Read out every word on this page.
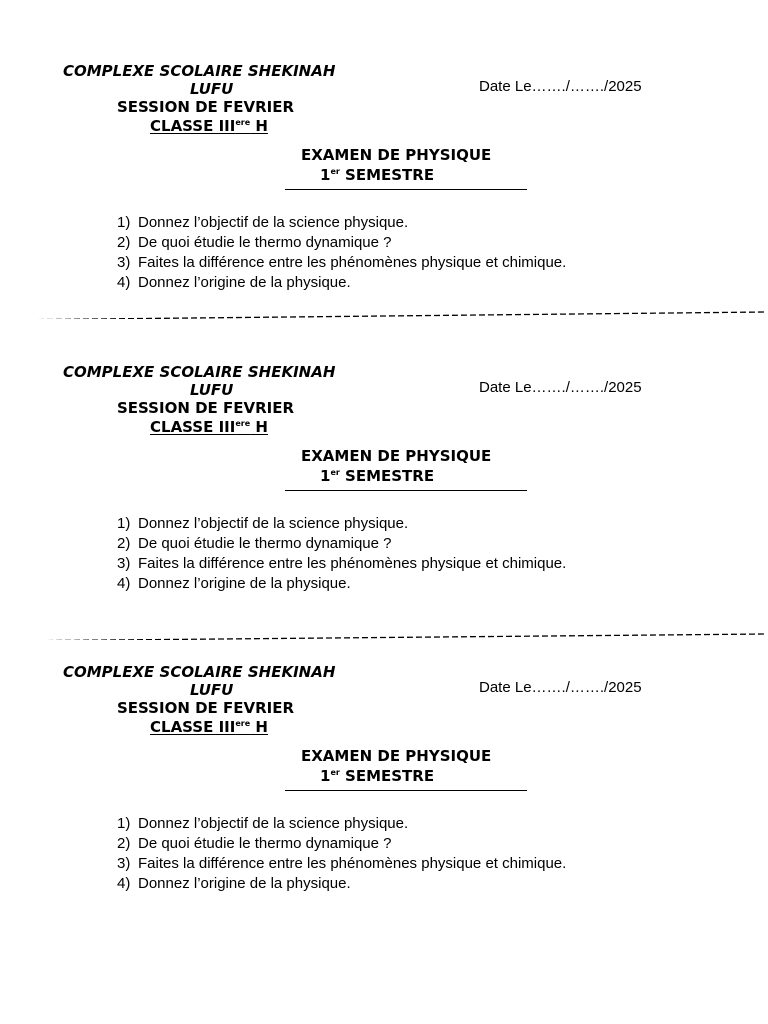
COMPLEXE SCOLAIRE SHEKINAH
LUFU	Date Le……./……./2025
SESSION DE FEVRIER
CLASSE IIIere H
EXAMEN DE PHYSIQUE
1er SEMESTRE
1) Donnez l’objectif de la science physique.
2) De quoi étudie le thermo dynamique ?
3) Faites la différence entre les phénomènes physique et chimique.
4) Donnez l’origine de la physique.
COMPLEXE SCOLAIRE SHEKINAH
LUFU	Date Le……./……./2025
SESSION DE FEVRIER
CLASSE IIIere H
EXAMEN DE PHYSIQUE
1er SEMESTRE
1) Donnez l’objectif de la science physique.
2) De quoi étudie le thermo dynamique ?
3) Faites la différence entre les phénomènes physique et chimique.
4) Donnez l’origine de la physique.
COMPLEXE SCOLAIRE SHEKINAH
LUFU	Date Le……./……./2025
SESSION DE FEVRIER
CLASSE IIIere H
EXAMEN DE PHYSIQUE
1er SEMESTRE
1) Donnez l’objectif de la science physique.
2) De quoi étudie le thermo dynamique ?
3) Faites la différence entre les phénomènes physique et chimique.
4) Donnez l’origine de la physique.
